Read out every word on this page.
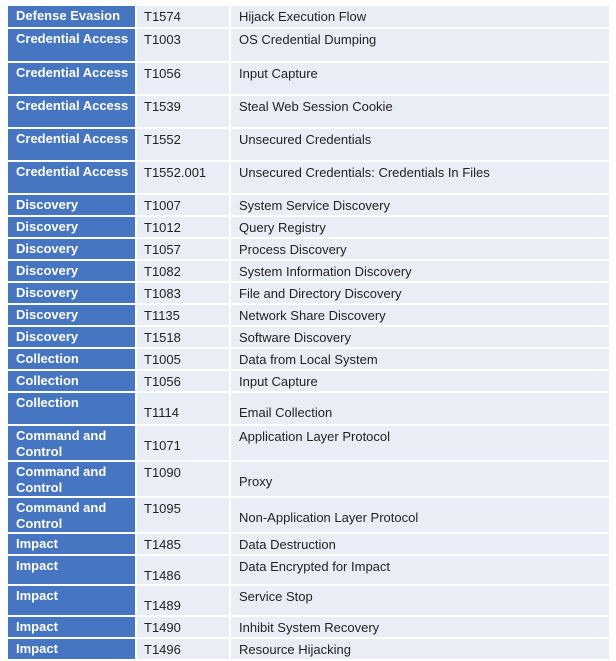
Defense Evasion	T1574	Hijack Execution Flow
Credential Access	T1003	OS Credential Dumping
Credential Access	T1056	Input Capture
Credential Access	T1539	Steal Web Session Cookie
Credential Access	T1552	Unsecured Credentials
Credential Access	T1552.001	Unsecured Credentials: Credentials In Files
Discovery	T1007	System Service Discovery
Discovery	T1012	Query Registry
Discovery	T1057	Process Discovery
Discovery	T1082	System Information Discovery
Discovery	T1083	File and Directory Discovery
Discovery	T1135	Network Share Discovery
Discovery	T1518	Software Discovery
Collection	T1005	Data from Local System
Collection	T1056	Input Capture
Collection	T1114	Email Collection
Command and Control	T1071	Application Layer Protocol
Command and Control	T1090	Proxy
Command and Control	T1095	Non-Application Layer Protocol
Impact	T1485	Data Destruction
Impact	T1486	Data Encrypted for Impact
Impact	T1489	Service Stop
Impact	T1490	Inhibit System Recovery
Impact	T1496	Resource Hijacking
